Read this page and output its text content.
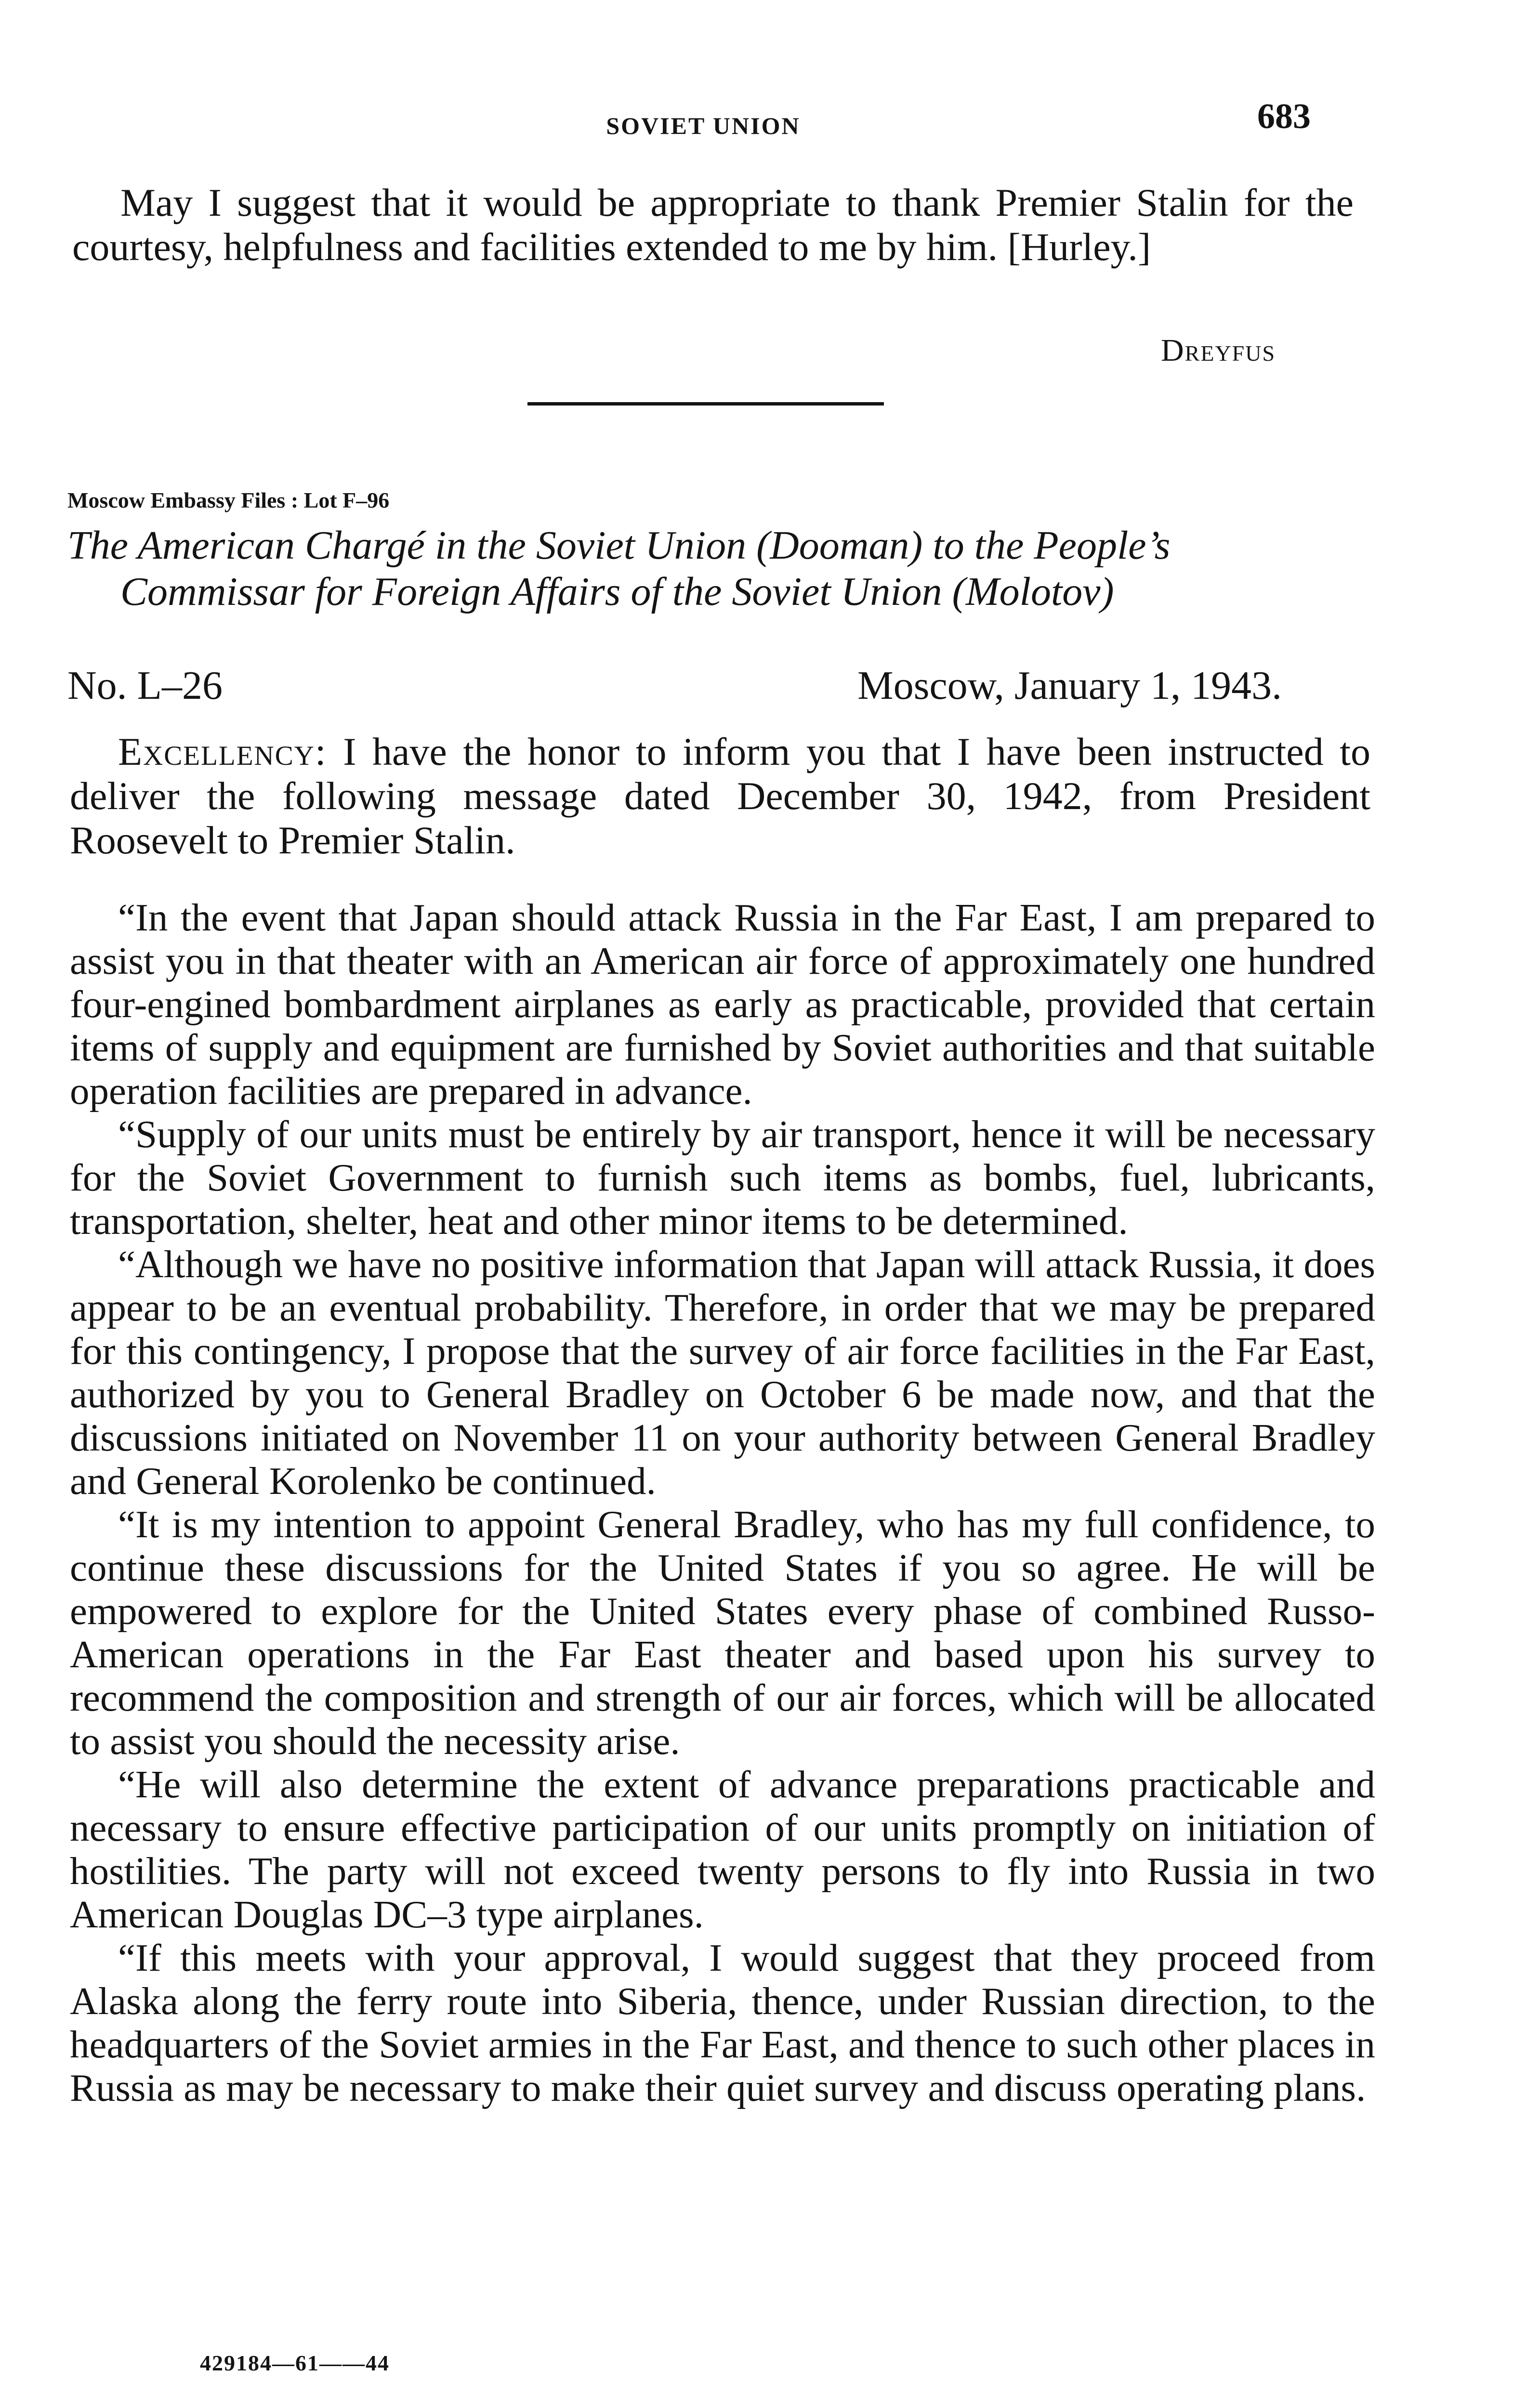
SOVIET UNION	683

May I suggest that it would be appropriate to thank Premier Stalin for the courtesy, helpfulness and facilities extended to me by him. [Hurley.]

Dreyfus
Moscow Embassy Files : Lot F–96
The American Chargé in the Soviet Union (Dooman) to the People’s
Commissar for Foreign Affairs of the Soviet Union (Molotov)
No. L–26	Moscow, January 1, 1943.

Excellency: I have the honor to inform you that I have been instructed to deliver the following message dated December 30, 1942, from President Roosevelt to Premier Stalin.

“In the event that Japan should attack Russia in the Far East, I am prepared to assist you in that theater with an American air force of approximately one hundred four-engined bombardment airplanes as early as practicable, provided that certain items of supply and equipment are furnished by Soviet authorities and that suitable operation facilities are prepared in advance.

“Supply of our units must be entirely by air transport, hence it will be necessary for the Soviet Government to furnish such items as bombs, fuel, lubricants, transportation, shelter, heat and other minor items to be determined.

“Although we have no positive information that Japan will attack Russia, it does appear to be an eventual probability. Therefore, in order that we may be prepared for this contingency, I propose that the survey of air force facilities in the Far East, authorized by you to General Bradley on October 6 be made now, and that the discussions initiated on November 11 on your authority between General Bradley and General Korolenko be continued.

“It is my intention to appoint General Bradley, who has my full confidence, to continue these discussions for the United States if you so agree. He will be empowered to explore for the United States every phase of combined Russo-American operations in the Far East theater and based upon his survey to recommend the composition and strength of our air forces, which will be allocated to assist you should the necessity arise.

“He will also determine the extent of advance preparations practicable and necessary to ensure effective participation of our units promptly on initiation of hostilities. The party will not exceed twenty persons to fly into Russia in two American Douglas DC–3 type airplanes.

“If this meets with your approval, I would suggest that they proceed from Alaska along the ferry route into Siberia, thence, under Russian direction, to the headquarters of the Soviet armies in the Far East, and thence to such other places in Russia as may be necessary to make their quiet survey and discuss operating plans.

429184—61——44
